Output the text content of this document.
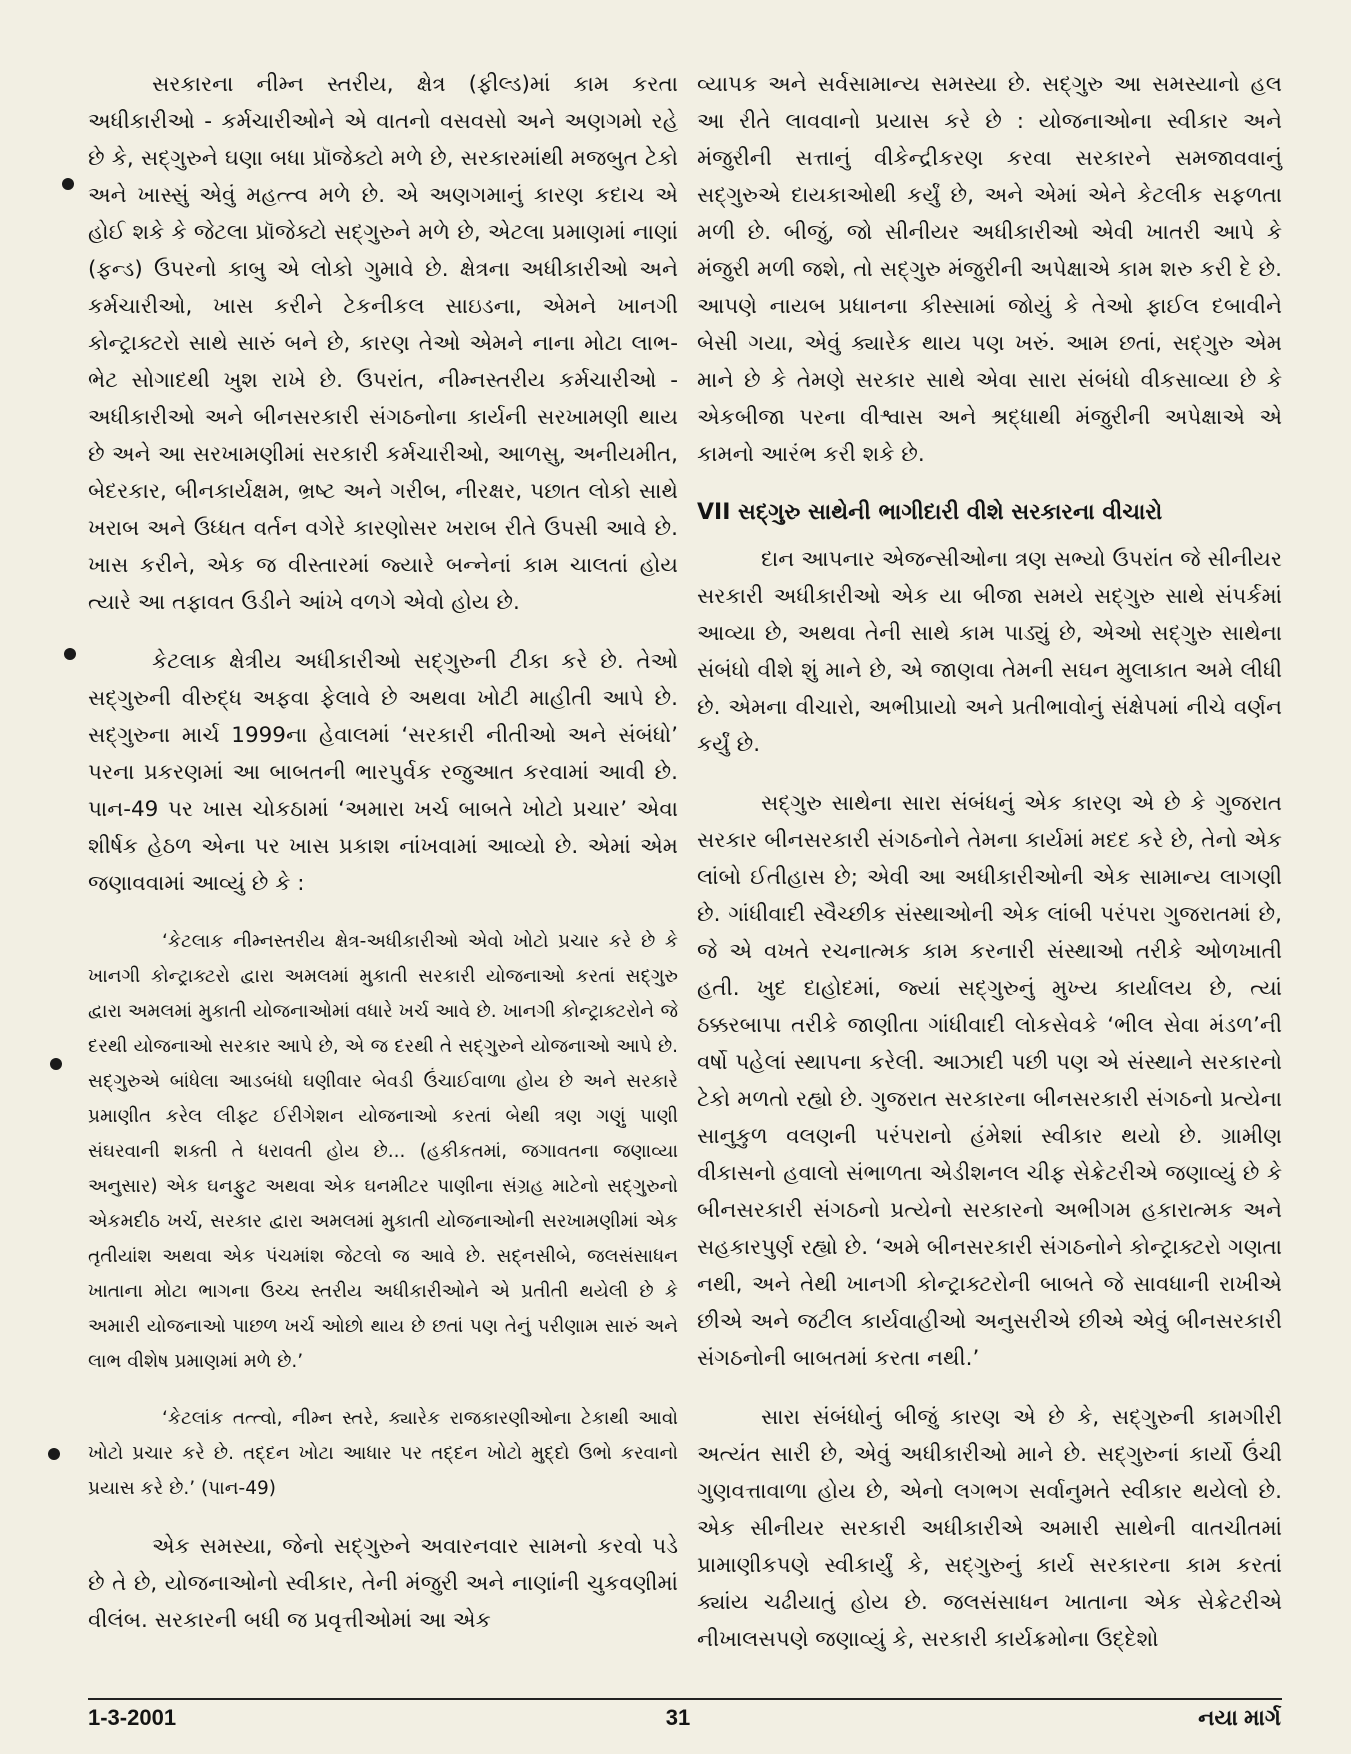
સરકારના નીમ્ન સ્તરીય, ક્ષેત્ર (ફીલ્ડ)માં કામ કરતા અધીકારીઓ - કર્મચારીઓને એ વાતનો વસવસો અને અણગમો રહે છે કે, સદ્‌ગુરુને ઘણા બધા પ્રૉજેક્ટો મળે છે, સરકારમાંથી મજબુત ટેકો અને ખાસ્સું એવું મહત્ત્વ મળે છે. એ અણગમાનું કારણ કદાચ એ હોઈ શકે કે જેટલા પ્રૉજેક્ટો સદ્‌ગુરુને મળે છે, એટલા પ્રમાણમાં નાણાં (ફન્ડ) ઉપરનો કાબુ એ લોકો ગુમાવે છે. ક્ષેત્રના અધીકારીઓ અને કર્મચારીઓ, ખાસ કરીને ટેકનીકલ સાઇડના, એમને ખાનગી કોન્ટ્રાક્ટરો સાથે સારું બને છે, કારણ તેઓ એમને નાના મોટા લાભ-ભેટ સોગાદથી ખુશ રાખે છે. ઉપરાંત, નીમ્નસ્તરીય કર્મચારીઓ - અધીકારીઓ અને બીનસરકારી સંગઠનોના કાર્યની સરખામણી થાય છે અને આ સરખામણીમાં સરકારી કર્મચારીઓ, આળસુ, અનીયમીત, બેદરકાર, બીનકાર્યક્ષમ, ભ્રષ્ટ અને ગરીબ, નીરક્ષર, પછાત લોકો સાથે ખરાબ અને ઉધ્ધત વર્તન વગેરે કારણોસર ખરાબ રીતે ઉપસી આવે છે. ખાસ કરીને, એક જ વીસ્તારમાં જ્યારે બન્નેનાં કામ ચાલતાં હોય ત્યારે આ તફાવત ઉડીને આંખે વળગે એવો હોય છે.

કેટલાક ક્ષેત્રીય અધીકારીઓ સદ્‌ગુરુની ટીકા કરે છે. તેઓ સદ્‌ગુરુની વીરુદ્ધ અફવા ફેલાવે છે અથવા ખોટી માહીતી આપે છે. સદ્‌ગુરુના માર્ચ 1999ના હેવાલમાં ‘સરકારી નીતીઓ અને સંબંધો’ પરના પ્રકરણમાં આ બાબતની ભારપુર્વક રજુઆત કરવામાં આવી છે. પાન-49 પર ખાસ ચોકઠામાં ‘અમારા ખર્ચ બાબતે ખોટો પ્રચાર’ એવા શીર્ષક હેઠળ એના પર ખાસ પ્રકાશ નાંખવામાં આવ્યો છે. એમાં એમ જણાવવામાં આવ્યું છે કે :

‘કેટલાક નીમ્નસ્તરીય ક્ષેત્ર-અધીકારીઓ એવો ખોટો પ્રચાર કરે છે કે ખાનગી કોન્ટ્રાક્ટરો દ્વારા અમલમાં મુકાતી સરકારી યોજનાઓ કરતાં સદ્‌ગુરુ દ્વારા અમલમાં મુકાતી યોજનાઓમાં વધારે ખર્ચ આવે છે. ખાનગી કોન્ટ્રાક્ટરોને જે દરથી યોજનાઓ સરકાર આપે છે, એ જ દરથી તે સદ્‌ગુરુને યોજનાઓ આપે છે. સદ્‌ગુરુએ બાંધેલા આડબંધો ઘણીવાર બેવડી ઉંચાઈવાળા હોય છે અને સરકારે પ્રમાણીત કરેલ લીફ્ટ ઈરીગેશન યોજનાઓ કરતાં બેથી ત્રણ ગણું પાણી સંઘરવાની શક્તી તે ધરાવતી હોય છે... (હકીકતમાં, જગાવતના જણાવ્યા અનુસાર) એક ઘનફુટ અથવા એક ઘનમીટર પાણીના સંગ્રહ માટેનો સદ્‌ગુરુનો એકમદીઠ ખર્ચ, સરકાર દ્વારા અમલમાં મુકાતી યોજનાઓની સરખામણીમાં એક તૃતીયાંશ અથવા એક પંચમાંશ જેટલો જ આવે છે. સદ્‌નસીબે, જલસંસાધન ખાતાના મોટા ભાગના ઉચ્ચ સ્તરીય અધીકારીઓને એ પ્રતીતી થયેલી છે કે અમારી યોજનાઓ પાછળ ખર્ચ ઓછો થાય છે છતાં પણ તેનું પરીણામ સારું અને લાભ વીશેષ પ્રમાણમાં મળે છે.’

‘કેટલાંક તત્ત્વો, નીમ્ન સ્તરે, ક્યારેક રાજકારણીઓના ટેકાથી આવો ખોટો પ્રચાર કરે છે. તદ્દન ખોટા આધાર પર તદ્દન ખોટો મુદ્દો ઉભો કરવાનો પ્રયાસ કરે છે.’ (પાન-49)

એક સમસ્યા, જેનો સદ્‌ગુરુને અવારનવાર સામનો કરવો પડે છે તે છે, યોજનાઓનો સ્વીકાર, તેની મંજુરી અને નાણાંની ચુકવણીમાં વીલંબ. સરકારની બધી જ પ્રવૃત્તીઓમાં આ એક

વ્યાપક અને સર્વસામાન્ય સમસ્યા છે. સદ્‌ગુરુ આ સમસ્યાનો હલ આ રીતે લાવવાનો પ્રયાસ કરે છે : યોજનાઓના સ્વીકાર અને મંજુરીની સત્તાનું વીકેન્દ્રીકરણ કરવા સરકારને સમજાવવાનું સદ્‌ગુરુએ દાયકાઓથી કર્યું છે, અને એમાં એને કેટલીક સફળતા મળી છે. બીજું, જો સીનીયર અધીકારીઓ એવી ખાતરી આપે કે મંજુરી મળી જશે, તો સદ્‌ગુરુ મંજુરીની અપેક્ષાએ કામ શરુ કરી દે છે. આપણે નાયબ પ્રધાનના કીસ્સામાં જોયું કે તેઓ ફાઈલ દબાવીને બેસી ગયા, એવું ક્યારેક થાય પણ ખરું. આમ છતાં, સદ્‌ગુરુ એમ માને છે કે તેમણે સરકાર સાથે એવા સારા સંબંધો વીકસાવ્યા છે કે એકબીજા પરના વીશ્વાસ અને શ્રદ્ધાથી મંજુરીની અપેક્ષાએ એ કામનો આરંભ કરી શકે છે.

VII સદ્‌ગુરુ સાથેની ભાગીદારી વીશે સરકારના વીચારો

દાન આપનાર એજન્સીઓના ત્રણ સભ્યો ઉપરાંત જે સીનીયર સરકારી અધીકારીઓ એક યા બીજા સમયે સદ્‌ગુરુ સાથે સંપર્કમાં આવ્યા છે, અથવા તેની સાથે કામ પાડ્યું છે, એઓ સદ્‌ગુરુ સાથેના સંબંધો વીશે શું માને છે, એ જાણવા તેમની સઘન મુલાકાત અમે લીધી છે. એમના વીચારો, અભીપ્રાયો અને પ્રતીભાવોનું સંક્ષેપમાં નીચે વર્ણન કર્યું છે.

સદ્‌ગુરુ સાથેના સારા સંબંધનું એક કારણ એ છે કે ગુજરાત સરકાર બીનસરકારી સંગઠનોને તેમના કાર્યમાં મદદ કરે છે, તેનો એક લાંબો ઈતીહાસ છે; એવી આ અધીકારીઓની એક સામાન્ય લાગણી છે. ગાંધીવાદી સ્વૈચ્છીક સંસ્થાઓની એક લાંબી પરંપરા ગુજરાતમાં છે, જે એ વખતે રચનાત્મક કામ કરનારી સંસ્થાઓ તરીકે ઓળખાતી હતી. ખુદ દાહોદમાં, જ્યાં સદ્‌ગુરુનું મુખ્ય કાર્યાલય છે, ત્યાં ઠક્કરબાપા તરીકે જાણીતા ગાંધીવાદી લોકસેવકે ‘ભીલ સેવા મંડળ’ની વર્ષો પહેલાં સ્થાપના કરેલી. આઝાદી પછી પણ એ સંસ્થાને સરકારનો ટેકો મળતો રહ્યો છે. ગુજરાત સરકારના બીનસરકારી સંગઠનો પ્રત્યેના સાનુકુળ વલણની પરંપરાનો હંમેશાં સ્વીકાર થયો છે. ગ્રામીણ વીકાસનો હવાલો સંભાળતા એડીશનલ ચીફ સેક્રેટરીએ જણાવ્યું છે કે બીનસરકારી સંગઠનો પ્રત્યેનો સરકારનો અભીગમ હકારાત્મક અને સહકારપુર્ણ રહ્યો છે. ‘અમે બીનસરકારી સંગઠનોને કોન્ટ્રાક્ટરો ગણતા નથી, અને તેથી ખાનગી કોન્ટ્રાક્ટરોની બાબતે જે સાવધાની રાખીએ છીએ અને જટીલ કાર્યવાહીઓ અનુસરીએ છીએ એવું બીનસરકારી સંગઠનોની બાબતમાં કરતા નથી.’

સારા સંબંધોનું બીજું કારણ એ છે કે, સદ્‌ગુરુની કામગીરી અત્યંત સારી છે, એવું અધીકારીઓ માને છે. સદ્‌ગુરુનાં કાર્યો ઉંચી ગુણવત્તાવાળા હોય છે, એનો લગભગ સર્વાનુમતે સ્વીકાર થયેલો છે. એક સીનીયર સરકારી અધીકારીએ અમારી સાથેની વાતચીતમાં પ્રામાણીકપણે સ્વીકાર્યું કે, સદ્‌ગુરુનું કાર્ય સરકારના કામ કરતાં ક્યાંય ચઢીયાતું હોય છે. જલસંસાધન ખાતાના એક સેક્રેટરીએ નીખાલસપણે જણાવ્યું કે, સરકારી કાર્યક્રમોના ઉદ્દેશો

1-3-2001	31	નયા માર્ગ
